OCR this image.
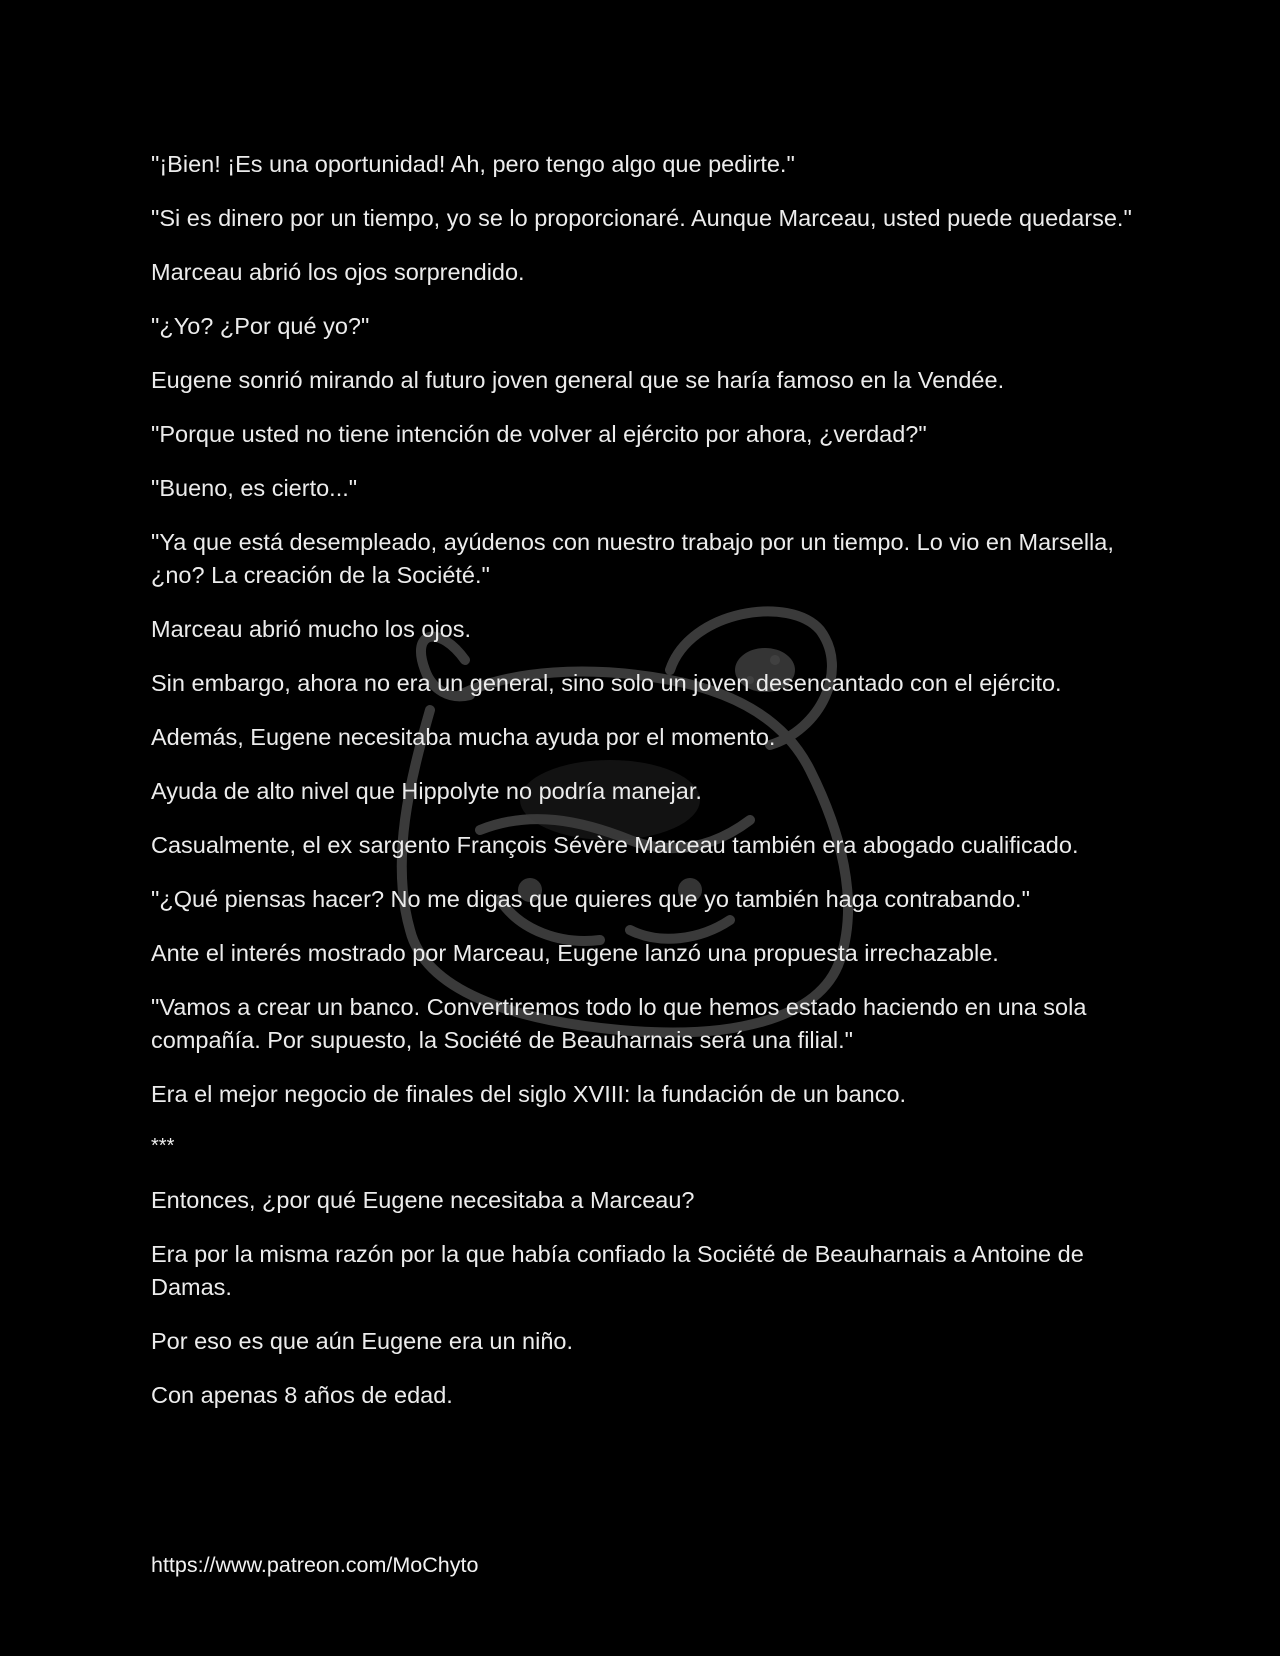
"¡Bien! ¡Es una oportunidad! Ah, pero tengo algo que pedirte."

"Si es dinero por un tiempo, yo se lo proporcionaré. Aunque Marceau, usted puede quedarse."

Marceau abrió los ojos sorprendido.

"¿Yo? ¿Por qué yo?"

Eugene sonrió mirando al futuro joven general que se haría famoso en la Vendée.

"Porque usted no tiene intención de volver al ejército por ahora, ¿verdad?"

"Bueno, es cierto..."

"Ya que está desempleado, ayúdenos con nuestro trabajo por un tiempo. Lo vio en Marsella, ¿no? La creación de la Société."

Marceau abrió mucho los ojos.

Sin embargo, ahora no era un general, sino solo un joven desencantado con el ejército.

Además, Eugene necesitaba mucha ayuda por el momento.

Ayuda de alto nivel que Hippolyte no podría manejar.

Casualmente, el ex sargento François Sévère Marceau también era abogado cualificado.

"¿Qué piensas hacer? No me digas que quieres que yo también haga contrabando."

Ante el interés mostrado por Marceau, Eugene lanzó una propuesta irrechazable.

"Vamos a crear un banco. Convertiremos todo lo que hemos estado haciendo en una sola compañía. Por supuesto, la Société de Beauharnais será una filial."

Era el mejor negocio de finales del siglo XVIII: la fundación de un banco.

***

Entonces, ¿por qué Eugene necesitaba a Marceau?

Era por la misma razón por la que había confiado la Société de Beauharnais a Antoine de Damas.

Por eso es que aún Eugene era un niño.

Con apenas 8 años de edad.

https://www.patreon.com/MoChyto
